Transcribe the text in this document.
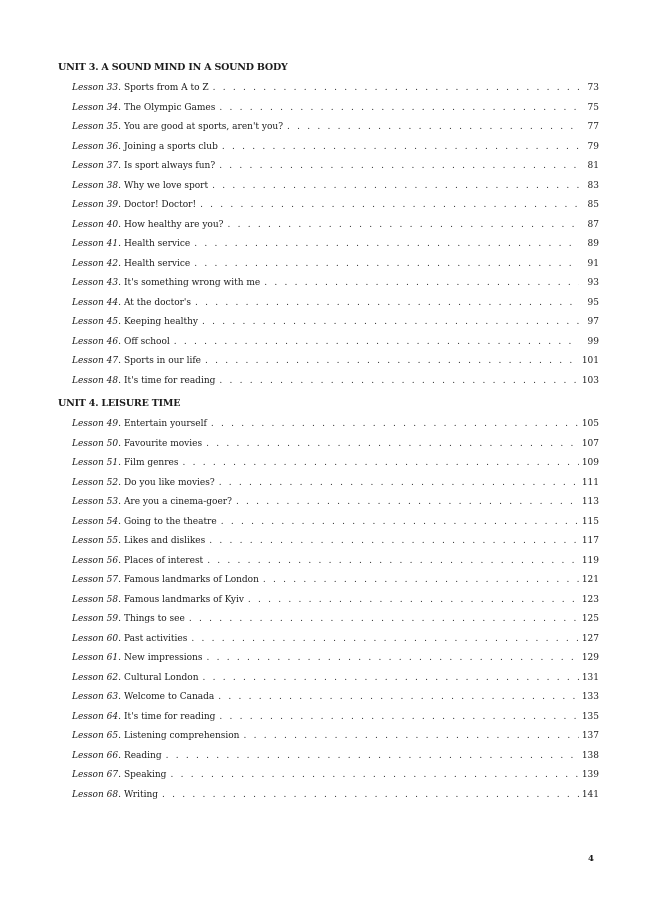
UNIT 3. A SOUND MIND IN A SOUND BODY
Lesson 33. Sports from A to Z . . .	73
Lesson 34. The Olympic Games . . .	75
Lesson 35. You are good at sports, aren't you? . . .	77
Lesson 36. Joining a sports club . . .	79
Lesson 37. Is sport always fun? . . .	81
Lesson 38. Why we love sport . . .	83
Lesson 39. Doctor! Doctor! . . .	85
Lesson 40. How healthy are you? . . .	87
Lesson 41. Health service . . .	89
Lesson 42. Health service . . .	91
Lesson 43. It's something wrong with me . . .	93
Lesson 44. At the doctor's . . .	95
Lesson 45. Keeping healthy . . .	97
Lesson 46. Off school . . .	99
Lesson 47. Sports in our life . . .	101
Lesson 48. It's time for reading . . .	103
UNIT 4. LEISURE TIME
Lesson 49. Entertain yourself . . .	105
Lesson 50. Favourite movies . . .	107
Lesson 51. Film genres . . .	109
Lesson 52. Do you like movies? . . .	111
Lesson 53. Are you a cinema-goer? . . .	113
Lesson 54. Going to the theatre . . .	115
Lesson 55. Likes and dislikes . . .	117
Lesson 56. Places of interest . . .	119
Lesson 57. Famous landmarks of London . . .	121
Lesson 58. Famous landmarks of Kyiv . . .	123
Lesson 59. Things to see . . .	125
Lesson 60. Past activities . . .	127
Lesson 61. New impressions . . .	129
Lesson 62. Cultural London . . .	131
Lesson 63. Welcome to Canada . . .	133
Lesson 64. It's time for reading . . .	135
Lesson 65. Listening comprehension . . .	137
Lesson 66. Reading . . .	138
Lesson 67. Speaking . . .	139
Lesson 68. Writing . . .	141
4
